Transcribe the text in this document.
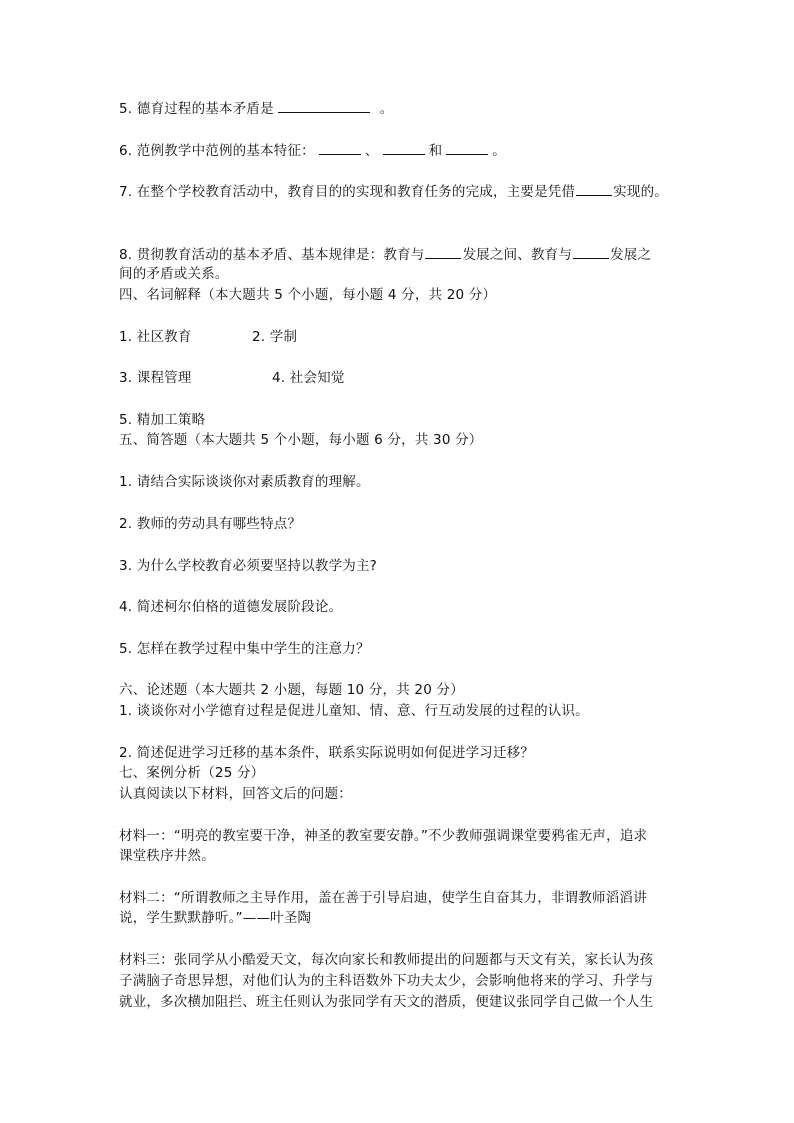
5. 德育过程的基本矛盾是	。
6. 范例教学中范例的基本特征：	、	和	。
7. 在整个学校教育活动中，教育目的的实现和教育任务的完成，主要是凭借	实现的。
8. 贯彻教育活动的基本矛盾、基本规律是：教育与	发展之间、教育与	发展之
间的矛盾或关系。
四、名词解释（本大题共 5 个小题，每小题 4 分，共 20 分）
1. 社区教育	2. 学制
3. 课程管理	4. 社会知觉
5. 精加工策略
五、简答题（本大题共 5 个小题，每小题 6 分，共 30 分）
1. 请结合实际谈谈你对素质教育的理解。
2. 教师的劳动具有哪些特点？
3. 为什么学校教育必须要坚持以教学为主?
4. 简述柯尔伯格的道德发展阶段论。
5. 怎样在教学过程中集中学生的注意力？
六、论述题（本大题共 2 小题，每题 10 分，共 20 分）
1. 谈谈你对小学德育过程是促进儿童知、情、意、行互动发展的过程的认识。
2. 简述促进学习迁移的基本条件，联系实际说明如何促进学习迁移？
七、案例分析（25 分）
认真阅读以下材料，回答文后的问题：
材料一：“明亮的教室要干净，神圣的教室要安静。”不少教师强调课堂要鸦雀无声，追求
课堂秩序井然。
材料二：“所谓教师之主导作用，盖在善于引导启迪，使学生自奋其力，非谓教师滔滔讲
说，学生默默静听。”——叶圣陶
材料三：张同学从小酷爱天文，每次向家长和教师提出的问题都与天文有关，家长认为孩
子满脑子奇思异想，对他们认为的主科语数外下功夫太少，会影响他将来的学习、升学与
就业，多次横加阻拦、班主任则认为张同学有天文的潜质，便建议张同学自己做一个人生
